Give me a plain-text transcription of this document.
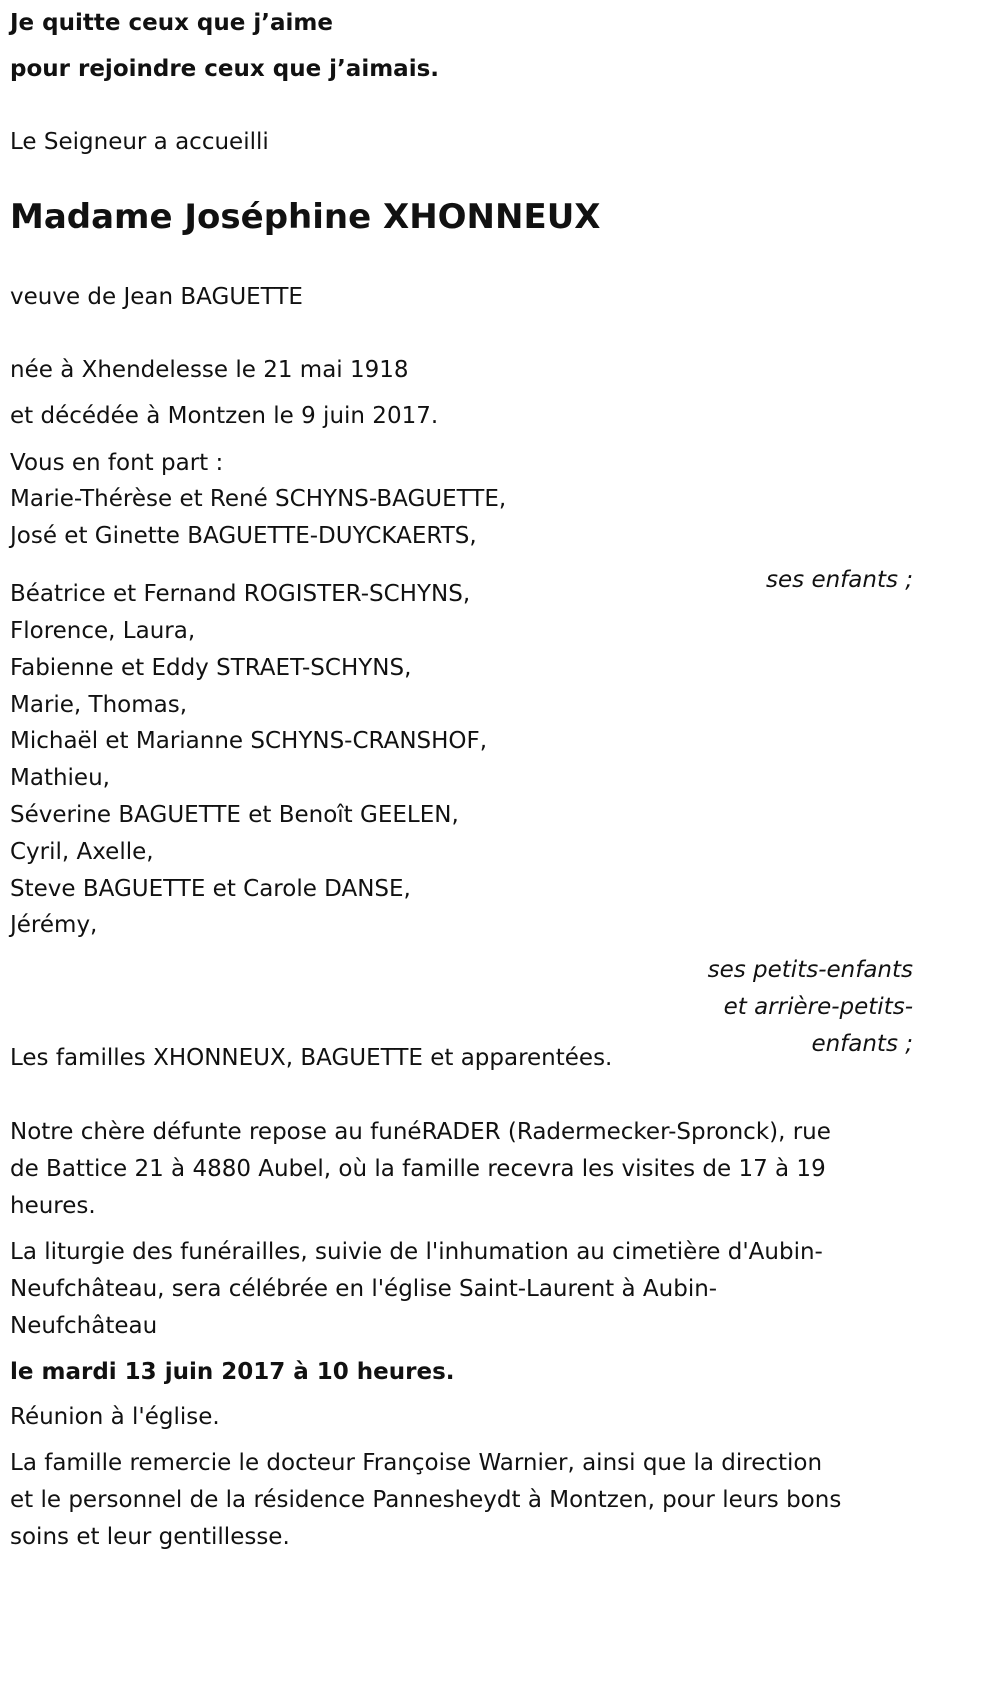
Je quitte ceux que j’aime

pour rejoindre ceux que j’aimais.

Le Seigneur a accueilli

Madame Joséphine XHONNEUX

veuve de Jean BAGUETTE

née à Xhendelesse le 21 mai 1918

et décédée à Montzen le 9 juin 2017.

Vous en font part :

Marie-Thérèse et René SCHYNS-BAGUETTE,

José et Ginette BAGUETTE-DUYCKAERTS,

ses enfants ;

Béatrice et Fernand ROGISTER-SCHYNS,

Florence, Laura,

Fabienne et Eddy STRAET-SCHYNS,

Marie, Thomas,

Michaël et Marianne SCHYNS-CRANSHOF,

Mathieu,

Séverine BAGUETTE et Benoît GEELEN,

Cyril, Axelle,

Steve BAGUETTE et Carole DANSE,

Jérémy,

ses petits-enfants

et arrière-petits-

enfants ;

Les familles XHONNEUX, BAGUETTE et apparentées.

Notre chère défunte repose au funéRADER (Radermecker-Spronck), rue

de Battice 21 à 4880 Aubel, où la famille recevra les visites de 17 à 19

heures.

La liturgie des funérailles, suivie de l'inhumation au cimetière d'Aubin-

Neufchâteau, sera célébrée en l'église Saint-Laurent à Aubin-

Neufchâteau

le mardi 13 juin 2017 à 10 heures.

Réunion à l'église.

La famille remercie le docteur Françoise Warnier, ainsi que la direction

et le personnel de la résidence Pannesheydt à Montzen, pour leurs bons

soins et leur gentillesse.
